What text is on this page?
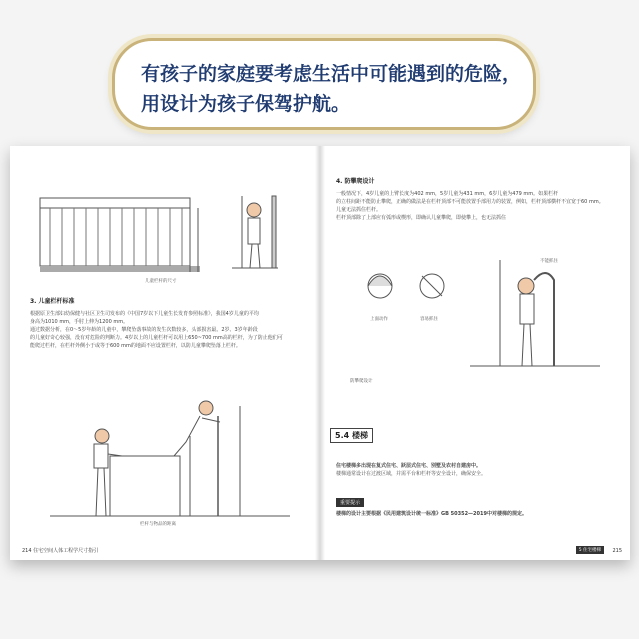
有孩子的家庭要考虑生活中可能遇到的危险，
用设计为孩子保驾护航。
儿童栏杆的尺寸
3. 儿童栏杆标准
根据原卫生部妇幼保健与社区卫生司发布的《中国7岁以下儿童生长发育参照标准》，我国4岁儿童的平均
身高为1010 mm，手肘上伸为1200 mm。
通过数据分析，在0～5岁年龄的儿童中，攀爬坠落事故的发生次数较多，头部损害最。2岁、3岁年龄段
的儿童好奇心较强，没有对危险的判断力。4岁以上的儿童栏杆可以用上650~700 mm高的栏杆，为了防止他们可
能爬过栏杆，在栏杆外侧小于或等于600 mm的地面不应设置栏杆，以防儿童攀爬坠落上栏杆。
栏杆与物品的距离
214 住宅空间人体工程学尺寸指引
4. 防攀爬设计
一般情况下，4岁儿童的上臂长度为402 mm，5岁儿童为431 mm，6岁儿童为479 mm。如果栏杆
的立柱间距不能防止攀爬，正确的做法是在栏杆顶部不可能放置手部用力的装置，例如，栏杆顶部横杆不宜宽于60 mm。
儿童无法抓住栏杆。
栏杆顶部除了上部应有弧形或楔形，即确认儿童攀爬，即使攀上，也无法抓住
上面动作	容易抓住
不能抓住
防攀爬设计
5.4 楼梯
住宅楼梯多出现在复式住宅、跃层式住宅、别墅及农村自建房中。
楼梯通常设计在过渡区域，并需平台和栏杆等安全设计，确保安全。
重要提示
楼梯的设计主要根据《民用建筑设计统一标准》GB 50352—2019中对楼梯的规定。
5 住宅楼梯	215
